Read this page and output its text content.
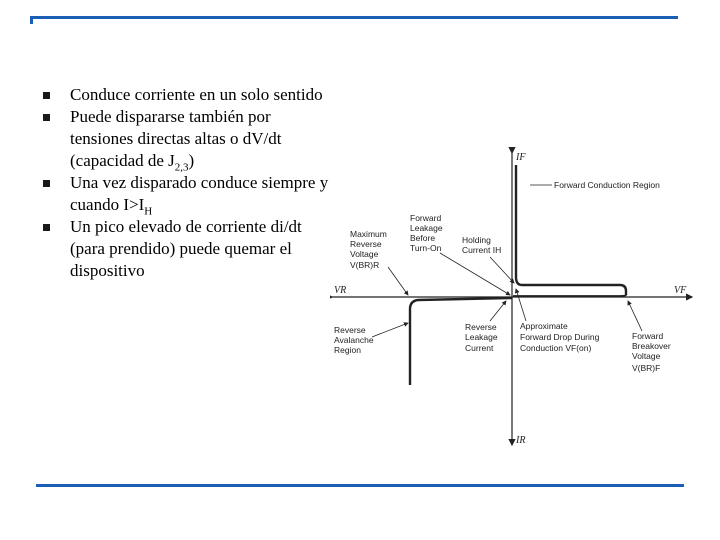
Conduce corriente en un solo sentido
Puede dispararse también por tensiones directas altas o dV/dt (capacidad de $J_{2,3}$)
Una vez disparado conduce siempre y cuando $I>I_H$
Un pico elevado de corriente di/dt (para prendido) puede quemar el dispositivo
IF
IR
VR	VF
Forward Conduction Region
Maximum
Reverse
Voltage
V(BR)R
Forward
Leakage
Before
Turn-On
Holding
Current IH
Reverse
Avalanche
Region
Reverse
Leakage
Current
Approximate
Forward Drop During
Conduction VF(on)
Forward
Breakover
Voltage
V(BR)F
